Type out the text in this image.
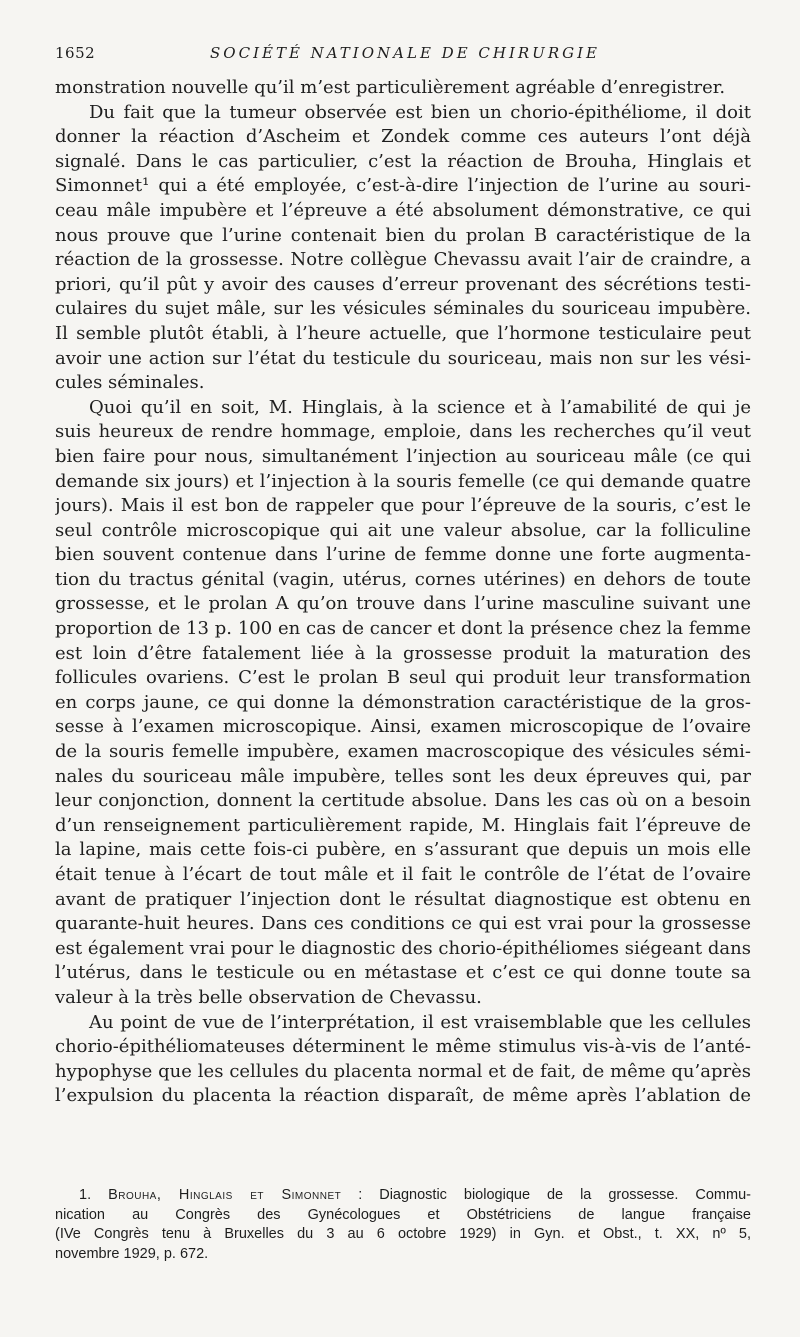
1652	SOCIÉTÉ NATIONALE DE CHIRURGIE
monstration nouvelle qu’il m’est particulièrement agréable d’enregistrer.
Du fait que la tumeur observée est bien un chorio-épithéliome, il doit
donner la réaction d’Ascheim et Zondek comme ces auteurs l’ont déjà
signalé. Dans le cas particulier, c’est la réaction de Brouha, Hinglais et
Simonnet¹ qui a été employée, c’est-à-dire l’injection de l’urine au souri-
ceau mâle impubère et l’épreuve a été absolument démonstrative, ce qui
nous prouve que l’urine contenait bien du prolan B caractéristique de la
réaction de la grossesse. Notre collègue Chevassu avait l’air de craindre, a
priori, qu’il pût y avoir des causes d’erreur provenant des sécrétions testi-
culaires du sujet mâle, sur les vésicules séminales du souriceau impubère.
Il semble plutôt établi, à l’heure actuelle, que l’hormone testiculaire peut
avoir une action sur l’état du testicule du souriceau, mais non sur les vési-
cules séminales.
Quoi qu’il en soit, M. Hinglais, à la science et à l’amabilité de qui je
suis heureux de rendre hommage, emploie, dans les recherches qu’il veut
bien faire pour nous, simultanément l’injection au souriceau mâle (ce qui
demande six jours) et l’injection à la souris femelle (ce qui demande quatre
jours). Mais il est bon de rappeler que pour l’épreuve de la souris, c’est le
seul contrôle microscopique qui ait une valeur absolue, car la folliculine
bien souvent contenue dans l’urine de femme donne une forte augmenta-
tion du tractus génital (vagin, utérus, cornes utérines) en dehors de toute
grossesse, et le prolan A qu’on trouve dans l’urine masculine suivant une
proportion de 13 p. 100 en cas de cancer et dont la présence chez la femme
est loin d’être fatalement liée à la grossesse produit la maturation des
follicules ovariens. C’est le prolan B seul qui produit leur transformation
en corps jaune, ce qui donne la démonstration caractéristique de la gros-
sesse à l’examen microscopique. Ainsi, examen microscopique de l’ovaire
de la souris femelle impubère, examen macroscopique des vésicules sémi-
nales du souriceau mâle impubère, telles sont les deux épreuves qui, par
leur conjonction, donnent la certitude absolue. Dans les cas où on a besoin
d’un renseignement particulièrement rapide, M. Hinglais fait l’épreuve de
la lapine, mais cette fois-ci pubère, en s’assurant que depuis un mois elle
était tenue à l’écart de tout mâle et il fait le contrôle de l’état de l’ovaire
avant de pratiquer l’injection dont le résultat diagnostique est obtenu en
quarante-huit heures. Dans ces conditions ce qui est vrai pour la grossesse
est également vrai pour le diagnostic des chorio-épithéliomes siégeant dans
l’utérus, dans le testicule ou en métastase et c’est ce qui donne toute sa
valeur à la très belle observation de Chevassu.
Au point de vue de l’interprétation, il est vraisemblable que les cellules
chorio-épithéliomateuses déterminent le même stimulus vis-à-vis de l’anté-
hypophyse que les cellules du placenta normal et de fait, de même qu’après
l’expulsion du placenta la réaction disparaît, de même après l’ablation de
1. Brouha, Hinglais et Simonnet : Diagnostic biologique de la grossesse. Commu-
nication au Congrès des Gynécologues et Obstétriciens de langue française
(IVe Congrès tenu à Bruxelles du 3 au 6 octobre 1929) in Gyn. et Obst., t. XX, nº 5,
novembre 1929, p. 672.
